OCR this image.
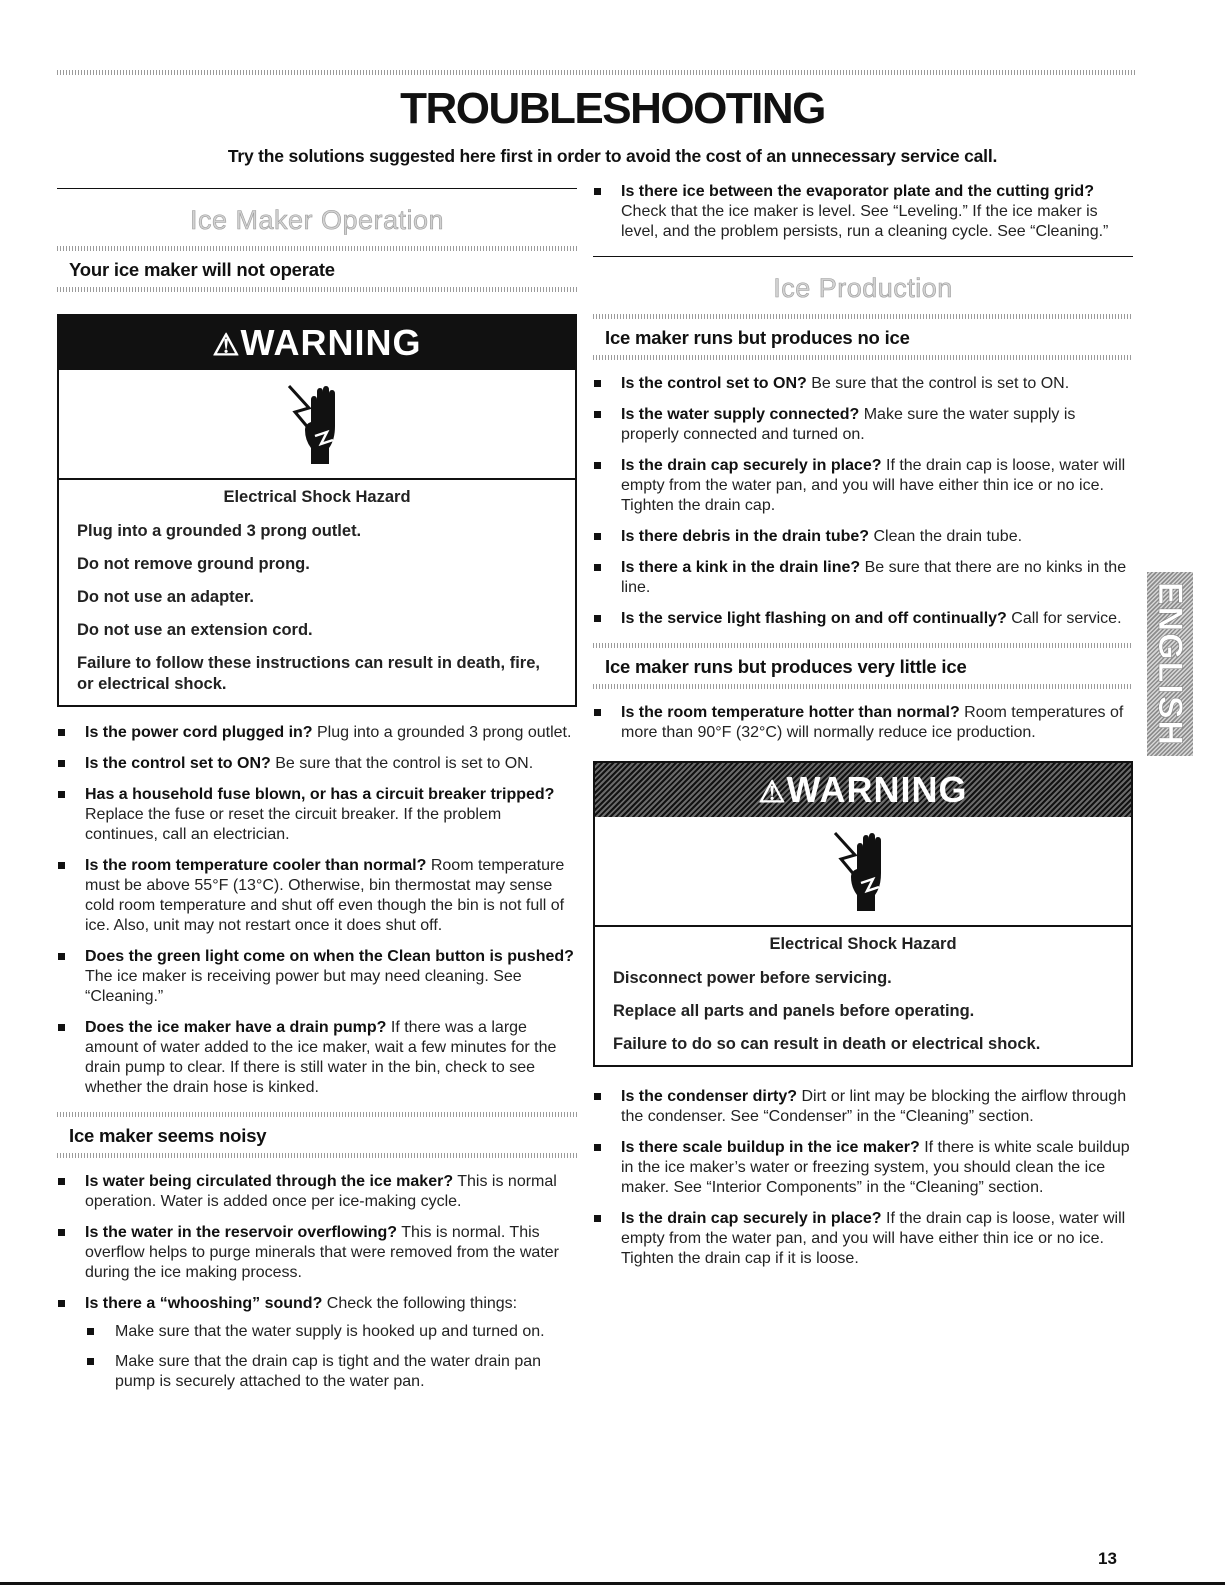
TROUBLESHOOTING

Try the solutions suggested here first in order to avoid the cost of an unnecessary service call.

Ice Maker Operation
Your ice maker will not operate
⚠WARNING
Electrical Shock Hazard

Plug into a grounded 3 prong outlet.

Do not remove ground prong.

Do not use an adapter.

Do not use an extension cord.

Failure to follow these instructions can result in death, fire, or electrical shock.

Is the power cord plugged in? Plug into a grounded 3 prong outlet.
Is the control set to ON? Be sure that the control is set to ON.
Has a household fuse blown, or has a circuit breaker tripped? Replace the fuse or reset the circuit breaker. If the problem continues, call an electrician.
Is the room temperature cooler than normal? Room temperature must be above 55°F (13°C). Otherwise, bin thermostat may sense cold room temperature and shut off even though the bin is not full of ice. Also, unit may not restart once it does shut off.
Does the green light come on when the Clean button is pushed? The ice maker is receiving power but may need cleaning. See “Cleaning.”
Does the ice maker have a drain pump? If there was a large amount of water added to the ice maker, wait a few minutes for the drain pump to clear. If there is still water in the bin, check to see whether the drain hose is kinked.
Ice maker seems noisy
Is water being circulated through the ice maker? This is normal operation. Water is added once per ice-making cycle.
Is the water in the reservoir overflowing? This is normal. This overflow helps to purge minerals that were removed from the water during the ice making process.
Is there a “whooshing” sound? Check the following things:
Make sure that the water supply is hooked up and turned on.
Make sure that the drain cap is tight and the water drain pan pump is securely attached to the water pan.
Is there ice between the evaporator plate and the cutting grid? Check that the ice maker is level. See “Leveling.” If the ice maker is level, and the problem persists, run a cleaning cycle. See “Cleaning.”
Ice Production
Ice maker runs but produces no ice
Is the control set to ON? Be sure that the control is set to ON.
Is the water supply connected? Make sure the water supply is properly connected and turned on.
Is the drain cap securely in place? If the drain cap is loose, water will empty from the water pan, and you will have either thin ice or no ice. Tighten the drain cap.
Is there debris in the drain tube? Clean the drain tube.
Is there a kink in the drain line? Be sure that there are no kinks in the line.
Is the service light flashing on and off continually? Call for service.
Ice maker runs but produces very little ice
Is the room temperature hotter than normal? Room temperatures of more than 90°F (32°C) will normally reduce ice production.
⚠WARNING
Electrical Shock Hazard

Disconnect power before servicing.

Replace all parts and panels before operating.

Failure to do so can result in death or electrical shock.

Is the condenser dirty? Dirt or lint may be blocking the airflow through the condenser. See “Condenser” in the “Cleaning” section.
Is there scale buildup in the ice maker? If there is white scale buildup in the ice maker’s water or freezing system, you should clean the ice maker. See “Interior Components” in the “Cleaning” section.
Is the drain cap securely in place? If the drain cap is loose, water will empty from the water pan, and you will have either thin ice or no ice. Tighten the drain cap if it is loose.
ENGLISH
13
